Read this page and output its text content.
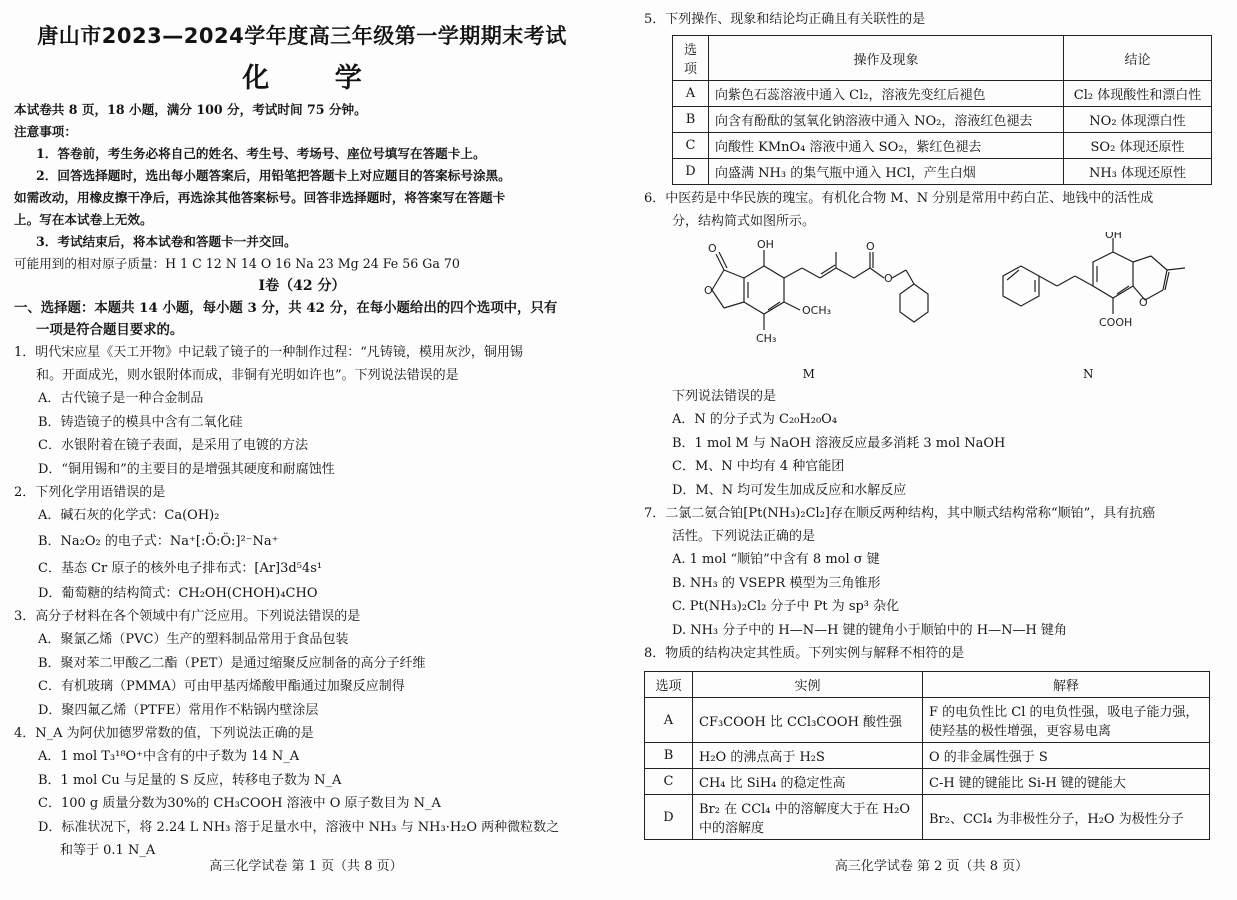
唐山市2023—2024学年度高三年级第一学期期末考试
化 学
本试卷共 8 页，18 小题，满分 100 分，考试时间 75 分钟。
注意事项：
1．答卷前，考生务必将自己的姓名、考生号、考场号、座位号填写在答题卡上。
2．回答选择题时，选出每小题答案后，用铅笔把答题卡上对应题目的答案标号涂黑。
如需改动，用橡皮擦干净后，再选涂其他答案标号。回答非选择题时，将答案写在答题卡
上。写在本试卷上无效。
3．考试结束后，将本试卷和答题卡一并交回。
可能用到的相对原子质量：H 1 C 12 N 14 O 16 Na 23 Mg 24 Fe 56 Ga 70
Ⅰ卷（42 分）
一、选择题：本题共 14 小题，每小题 3 分，共 42 分，在每小题给出的四个选项中，只有
一项是符合题目要求的。
1．明代宋应星《天工开物》中记载了镜子的一种制作过程：“凡铸镜，模用灰沙，铜用锡
和。开面成光，则水银附体而成，非铜有光明如许也”。下列说法错误的是
A．古代镜子是一种合金制品
B．铸造镜子的模具中含有二氧化硅
C．水银附着在镜子表面，是采用了电镀的方法
D．“铜用锡和”的主要目的是增强其硬度和耐腐蚀性
2．下列化学用语错误的是
A．碱石灰的化学式：Ca(OH)₂
B．Na₂O₂ 的电子式：Na⁺[:Ö:Ö:]²⁻Na⁺
C．基态 Cr 原子的核外电子排布式：[Ar]3d⁵4s¹
D．葡萄糖的结构简式：CH₂OH(CHOH)₄CHO
3．高分子材料在各个领域中有广泛应用。下列说法错误的是
A．聚氯乙烯（PVC）生产的塑料制品常用于食品包装
B．聚对苯二甲酸乙二酯（PET）是通过缩聚反应制备的高分子纤维
C．有机玻璃（PMMA）可由甲基丙烯酸甲酯通过加聚反应制得
D．聚四氟乙烯（PTFE）常用作不粘锅内壁涂层
4．N_A 为阿伏加德罗常数的值，下列说法正确的是
A．1 mol T₃¹⁸O⁺中含有的中子数为 14 N_A
B．1 mol Cu 与足量的 S 反应，转移电子数为 N_A
C．100 g 质量分数为30%的 CH₃COOH 溶液中 O 原子数目为 N_A
D．标准状况下，将 2.24 L NH₃ 溶于足量水中，溶液中 NH₃ 与 NH₃·H₂O 两种微粒数之
和等于 0.1 N_A
高三化学试卷 第 1 页（共 8 页）
5．下列操作、现象和结论均正确且有关联性的是
选项	操作及现象	结论
A	向紫色石蕊溶液中通入 Cl₂，溶液先变红后褪色	Cl₂ 体现酸性和漂白性
B	向含有酚酞的氢氧化钠溶液中通入 NO₂，溶液红色褪去	NO₂ 体现漂白性
C	向酸性 KMnO₄ 溶液中通入 SO₂，紫红色褪去	SO₂ 体现还原性
D	向盛满 NH₃ 的集气瓶中通入 HCl，产生白烟	NH₃ 体现还原性
6．中医药是中华民族的瑰宝。有机化合物 M、N 分别是常用中药白芷、地钱中的活性成
分，结构简式如图所示。
O
O
OH
OCH₃
CH₃
O
O
M
OH
O
COOH
N
下列说法错误的是
A．N 的分子式为 C₂₀H₂₀O₄
B．1 mol M 与 NaOH 溶液反应最多消耗 3 mol NaOH
C．M、N 中均有 4 种官能团
D．M、N 均可发生加成反应和水解反应
7．二氯二氨合铂[Pt(NH₃)₂Cl₂]存在顺反两种结构，其中顺式结构常称“顺铂”，具有抗癌
活性。下列说法正确的是
A. 1 mol “顺铂”中含有 8 mol σ 键
B. NH₃ 的 VSEPR 模型为三角锥形
C. Pt(NH₃)₂Cl₂ 分子中 Pt 为 sp³ 杂化
D. NH₃ 分子中的 H—N—H 键的键角小于顺铂中的 H—N—H 键角
8．物质的结构决定其性质。下列实例与解释不相符的是
选项	实例	解释
A	CF₃COOH 比 CCl₃COOH 酸性强	F 的电负性比 Cl 的电负性强，吸电子能力强，使羟基的极性增强，更容易电离
B	H₂O 的沸点高于 H₂S	O 的非金属性强于 S
C	CH₄ 比 SiH₄ 的稳定性高	C-H 键的键能比 Si-H 键的键能大
D	Br₂ 在 CCl₄ 中的溶解度大于在 H₂O 中的溶解度	Br₂、CCl₄ 为非极性分子，H₂O 为极性分子
高三化学试卷 第 2 页（共 8 页）
